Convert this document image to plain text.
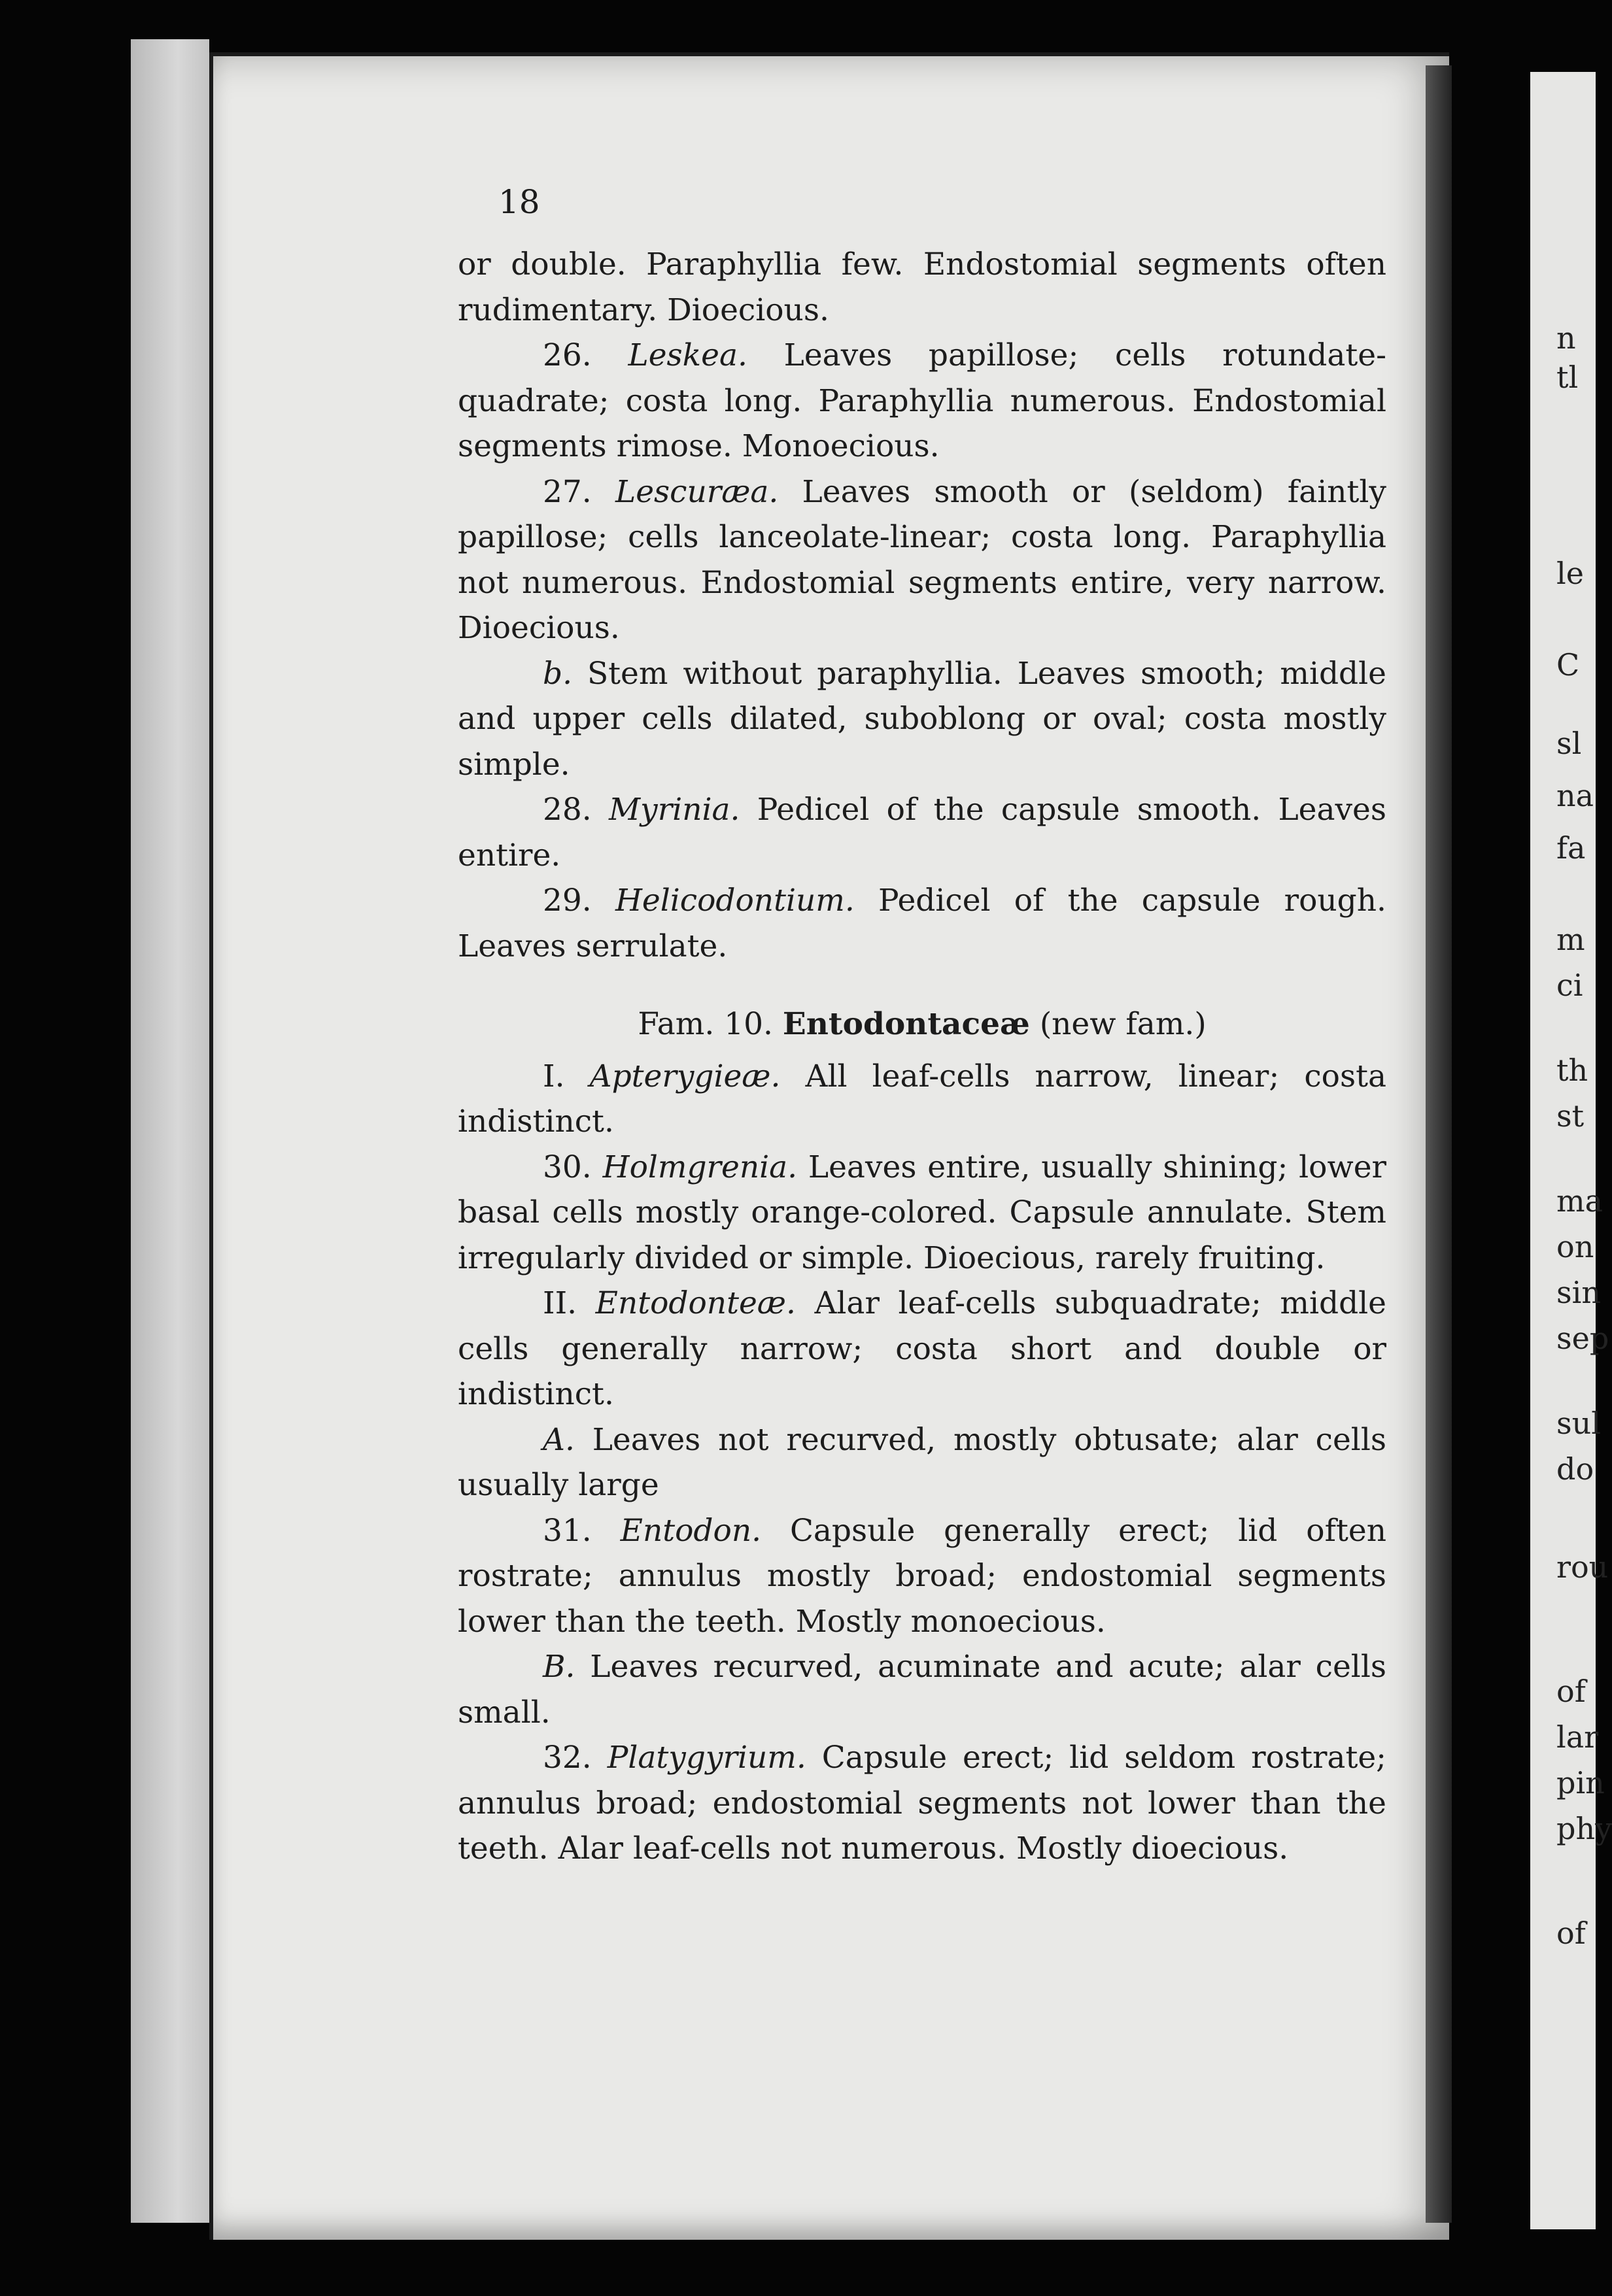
n
tl
le
C
sl
na
fa
m
ci
th
st
ma
on
sin
sep
sul
do
rou
of
lar
pin
phy
of
18

or double. Paraphyllia few. Endostomial segments often rudimentary. Dioecious.

26. Leskea. Leaves papillose; cells rotundate-quadrate; costa long. Paraphyllia numerous. Endostomial segments rimose. Monoecious.

27. Lescuræa. Leaves smooth or (seldom) faintly papillose; cells lanceolate-linear; costa long. Paraphyllia not numerous. Endostomial segments entire, very narrow. Dioecious.

b. Stem without paraphyllia. Leaves smooth; middle and upper cells dilated, suboblong or oval; costa mostly simple.

28. Myrinia. Pedicel of the capsule smooth. Leaves entire.

29. Helicodontium. Pedicel of the capsule rough. Leaves serrulate.

Fam. 10. Entodontaceæ (new fam.)

I. Apterygieæ. All leaf-cells narrow, linear; costa indistinct.

30. Holmgrenia. Leaves entire, usually shining; lower basal cells mostly orange-colored. Capsule annulate. Stem irregularly divided or simple. Dioecious, rarely fruiting.

II. Entodonteæ. Alar leaf-cells subquadrate; middle cells generally narrow; costa short and double or indistinct.

A. Leaves not recurved, mostly obtusate; alar cells usually large

31. Entodon. Capsule generally erect; lid often rostrate; annulus mostly broad; endostomial segments lower than the teeth. Mostly monoecious.

B. Leaves recurved, acuminate and acute; alar cells small.

32. Platygyrium. Capsule erect; lid seldom rostrate; annulus broad; endostomial segments not lower than the teeth. Alar leaf-cells not numerous. Mostly dioecious.
